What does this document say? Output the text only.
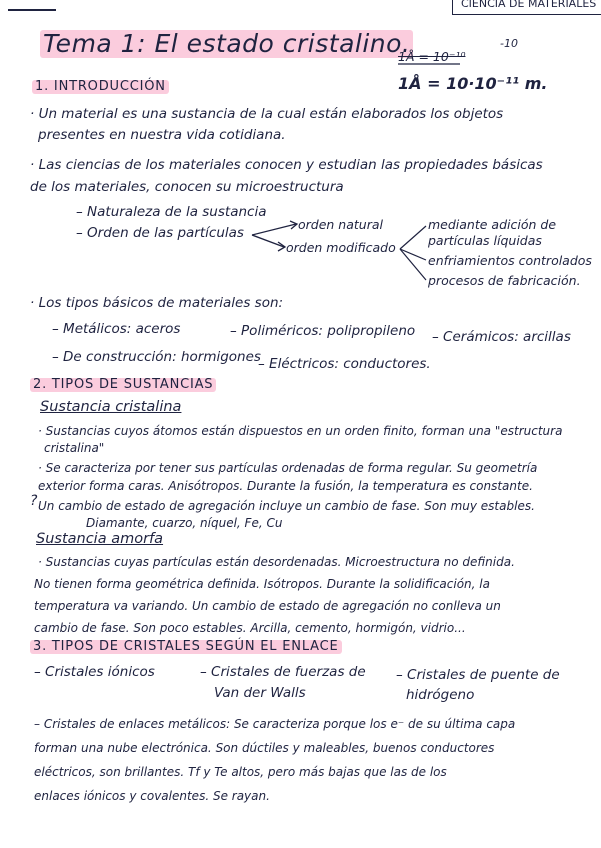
CIENCIA DE MATERIALES
Tema 1: El estado cristalino.	-10
1Å = 10⁻¹⁰
1Å = 10·10⁻¹¹ m.
1. INTRODUCCIÓN
· Un material es una sustancia de la cual están elaborados los objetos
presentes en nuestra vida cotidiana.
· Las ciencias de los materiales conocen y estudian las propiedades básicas
de los materiales, conocen su microestructura
– Naturaleza de la sustancia
– Orden de las partículas
orden natural
orden modificado
mediante adición de
partículas líquidas
enfriamientos controlados
procesos de fabricación.
· Los tipos básicos de materiales son:
– Metálicos: aceros	– Poliméricos: polipropileno – Cerámicos: arcillas
– De construcción: hormigones
– Eléctricos: conductores.
2. TIPOS DE SUSTANCIAS
Sustancia cristalina
· Sustancias cuyos átomos están dispuestos en un orden finito, forman una "estructura
cristalina"
· Se caracteriza por tener sus partículas ordenadas de forma regular. Su geometría
exterior forma caras. Anisótropos. Durante la fusión, la temperatura es constante.
? Un cambio de estado de agregación incluye un cambio de fase. Son muy estables.
Diamante, cuarzo, níquel, Fe, Cu
Sustancia amorfa
· Sustancias cuyas partículas están desordenadas. Microestructura no definida.
No tienen forma geométrica definida. Isótropos. Durante la solidificación, la
temperatura va variando. Un cambio de estado de agregación no conlleva un
cambio de fase. Son poco estables. Arcilla, cemento, hormigón, vidrio...
3. TIPOS DE CRISTALES SEGÚN EL ENLACE
– Cristales iónicos	– Cristales de fuerzas de
Van der Walls
– Cristales de puente de
hidrógeno
– Cristales de enlaces metálicos: Se caracteriza porque los e⁻ de su última capa
forman una nube electrónica. Son dúctiles y maleables, buenos conductores
eléctricos, son brillantes. Tf y Te altos, pero más bajas que las de los
enlaces iónicos y covalentes. Se rayan.
